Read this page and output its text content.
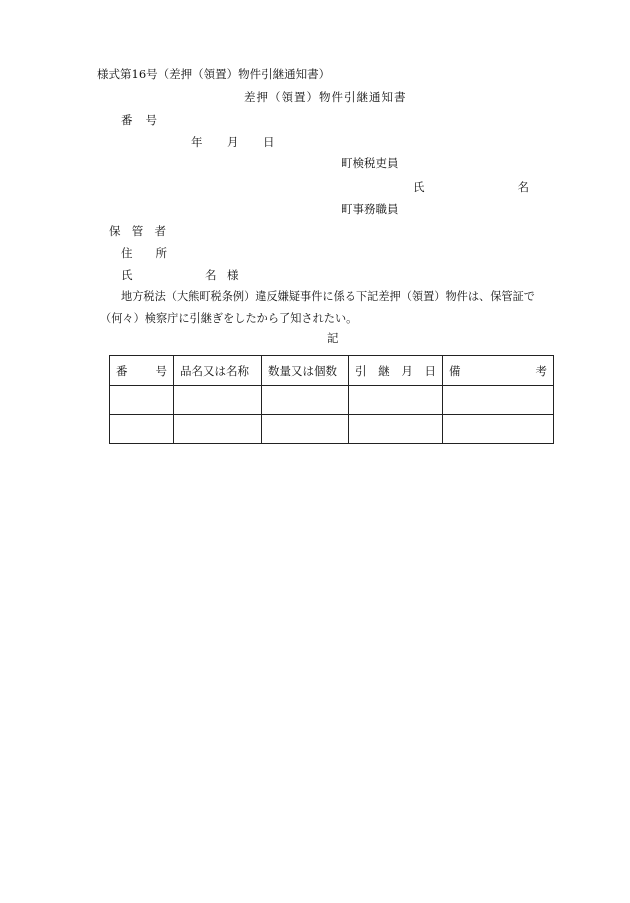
様式第16号（差押（領置）物件引継通知書）
差押（領置）物件引継通知書
番 号
年 月 日
町検税吏員
氏	名
町事務職員
保 管 者
住 所
氏	名 様
地方税法（大熊町税条例）違反嫌疑事件に係る下記差押（領置）物件は、保管証で
（何々）検察庁に引継ぎをしたから了知されたい。
記
番 号	品名又は名称	数量又は個数	引 継 月 日	備 考
